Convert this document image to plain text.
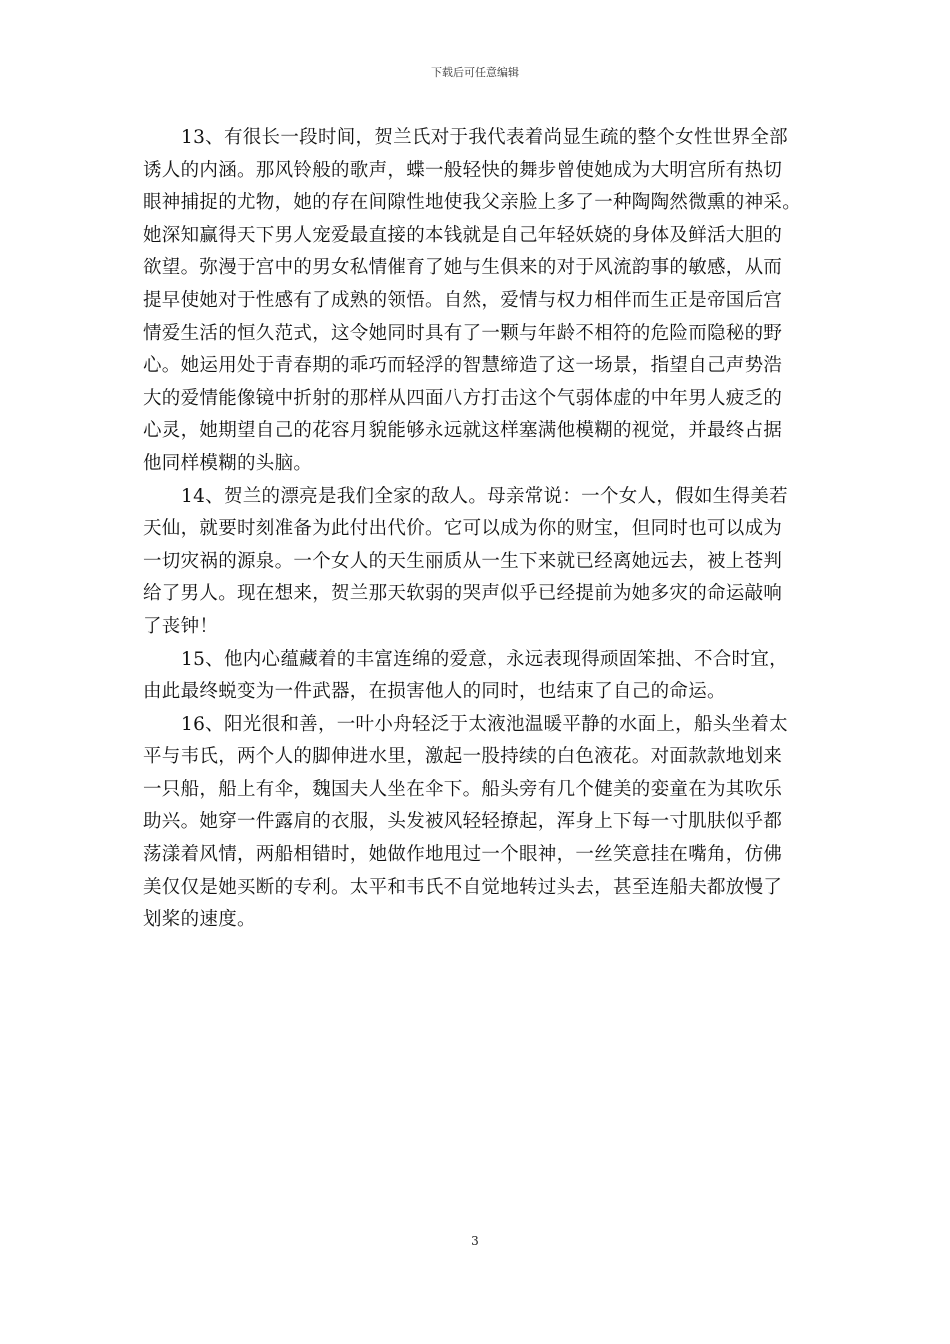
下载后可任意编辑

13、有很长一段时间，贺兰氏对于我代表着尚显生疏的整个女性世界全部
诱人的内涵。那风铃般的歌声，蝶一般轻快的舞步曾使她成为大明宫所有热切
眼神捕捉的尤物，她的存在间隙性地使我父亲脸上多了一种陶陶然微熏的神采。
她深知赢得天下男人宠爱最直接的本钱就是自己年轻妖娆的身体及鲜活大胆的
欲望。弥漫于宫中的男女私情催育了她与生俱来的对于风流韵事的敏感，从而
提早使她对于性感有了成熟的领悟。自然，爱情与权力相伴而生正是帝国后宫
情爱生活的恒久范式，这令她同时具有了一颗与年龄不相符的危险而隐秘的野
心。她运用处于青春期的乖巧而轻浮的智慧缔造了这一场景，指望自己声势浩
大的爱情能像镜中折射的那样从四面八方打击这个气弱体虚的中年男人疲乏的
心灵，她期望自己的花容月貌能够永远就这样塞满他模糊的视觉，并最终占据
他同样模糊的头脑。

14、贺兰的漂亮是我们全家的敌人。母亲常说：一个女人，假如生得美若
天仙，就要时刻准备为此付出代价。它可以成为你的财宝，但同时也可以成为
一切灾祸的源泉。一个女人的天生丽质从一生下来就已经离她远去，被上苍判
给了男人。现在想来，贺兰那天软弱的哭声似乎已经提前为她多灾的命运敲响
了丧钟！

15、他内心蕴藏着的丰富连绵的爱意，永远表现得顽固笨拙、不合时宜，
由此最终蜕变为一件武器，在损害他人的同时，也结束了自己的命运。

16、阳光很和善，一叶小舟轻泛于太液池温暖平静的水面上，船头坐着太
平与韦氏，两个人的脚伸进水里，激起一股持续的白色液花。对面款款地划来
一只船，船上有伞，魏国夫人坐在伞下。船头旁有几个健美的娈童在为其吹乐
助兴。她穿一件露肩的衣服，头发被风轻轻撩起，浑身上下每一寸肌肤似乎都
荡漾着风情，两船相错时，她做作地甩过一个眼神，一丝笑意挂在嘴角，仿佛
美仅仅是她买断的专利。太平和韦氏不自觉地转过头去，甚至连船夫都放慢了
划桨的速度。

3
